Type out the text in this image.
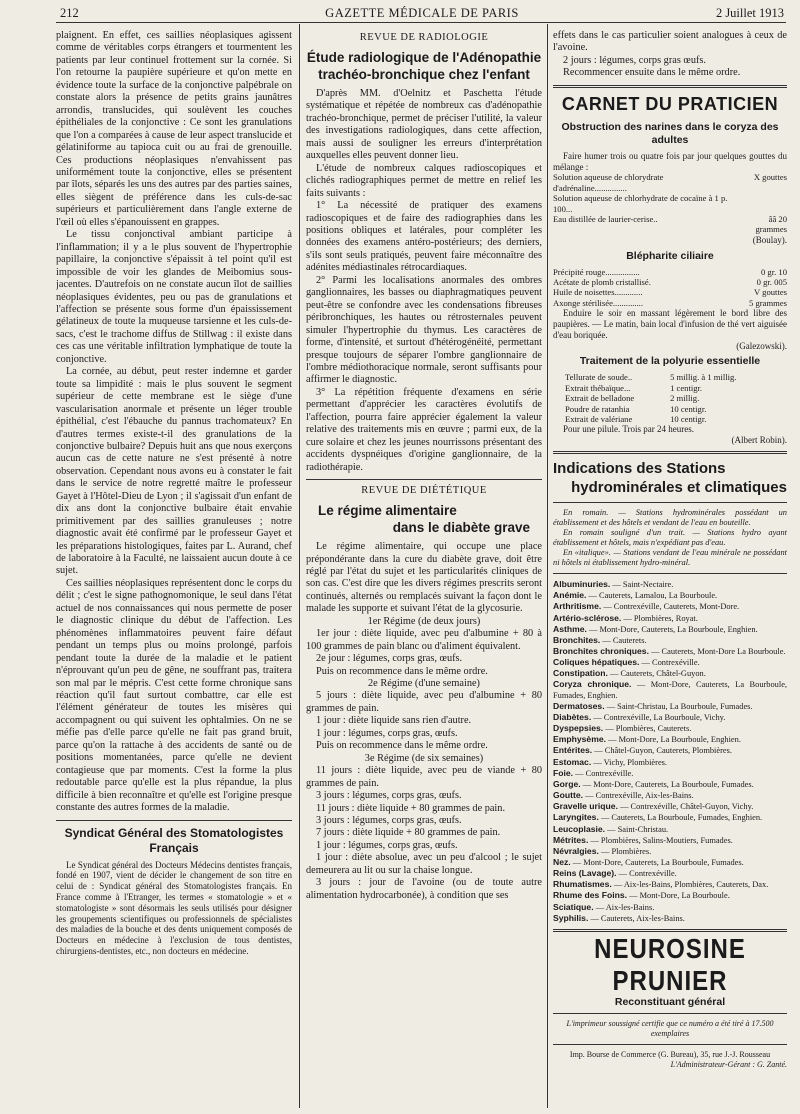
212	GAZETTE MÉDICALE DE PARIS	2 Juillet 1913

plaignent. En effet, ces saillies néoplasiques agissent comme de véritables corps étrangers et tourmentent les patients par leur continuel frottement sur la cornée. Si l'on retourne la paupière supérieure et qu'on mette en évidence toute la surface de la conjonctive palpébrale on constate alors la présence de petits grains jaunâtres arrondis, translucides, qui soulèvent les couches épithéliales de la conjonctive : Ce sont les granulations que l'on a comparées à cause de leur aspect translucide et gélatiniforme au tapioca cuit ou au frai de grenouille. Ces productions néoplasiques n'envahissent pas uniformément toute la conjonctive, elles se présentent par îlots, séparés les uns des autres par des parties saines, elles siègent de préférence dans les culs-de-sac supérieurs et particulièrement dans l'angle externe de l'œil où elles s'épanouissent en grappes.

Le tissu conjonctival ambiant participe à l'inflammation; il y a le plus souvent de l'hypertrophie papillaire, la conjonctive s'épaissit à tel point qu'il est impossible de voir les glandes de Meibomius sous-jacentes. D'autrefois on ne constate aucun îlot de saillies néoplasiques évidentes, peu ou pas de granulations et l'affection se présente sous forme d'un épaississement gélatineux de toute la muqueuse tarsienne et les culs-de-sacs, c'est le trachome diffus de Stillwag : il existe dans ces cas une véritable infiltration lymphatique de toute la conjonctive.

La cornée, au début, peut rester indemne et garder toute sa limpidité : mais le plus souvent le segment supérieur de cette membrane est le siège d'une vascularisation anormale et présente un léger trouble épithélial, c'est l'ébauche du pannus trachomateux? En d'autres termes existe-t-il des granulations de la conjonctive bulbaire? Depuis huit ans que nous exerçons aucun cas de cette nature ne s'est présenté à notre observation. Cependant nous avons eu à constater le fait dans le service de notre regretté maître le professeur Gayet à l'Hôtel-Dieu de Lyon ; il s'agissait d'un enfant de dix ans dont la conjonctive bulbaire était envahie primitivement par des saillies granuleuses ; notre diagnostic avait été confirmé par le professeur Gayet et les préparations histologiques, faites par L. Aurand, chef de laboratoire à la Faculté, ne laissaient aucun doute à ce sujet.

Ces saillies néoplasiques représentent donc le corps du délit ; c'est le signe pathognomonique, le seul dans l'état actuel de nos connaissances qui nous permette de poser le diagnostic clinique du début de l'affection. Les phénomènes inflammatoires peuvent faire défaut pendant un temps plus ou moins prolongé, parfois pendant toute la durée de la maladie et le patient n'éprouvant qu'un peu de gêne, ne souffrant pas, traitera son mal par le mépris. C'est cette forme chronique sans réaction qu'il faut surtout combattre, car elle est l'élément générateur de toutes les misères qui accompagnent ou qui suivent les ophtalmies. On ne se méfie pas d'elle parce qu'elle ne fait pas grand bruit, parce qu'on la rattache à des accidents de santé ou de positions momentanées, parce qu'elle ne devient contagieuse que par moments. C'est la forme la plus redoutable parce qu'elle est la plus répandue, la plus difficile à bien reconnaître et qu'elle est l'origine presque constante des autres formes de la maladie.

Syndicat Général des Stomatologistes Français

Le Syndicat général des Docteurs Médecins dentistes français, fondé en 1907, vient de décider le changement de son titre en celui de : Syndicat général des Stomatologistes français. En France comme à l'Etranger, les termes « stomatologie » et « stomatologiste » sont désormais les seuls utilisés pour désigner les groupements scientifiques ou professionnels de spécialistes des maladies de la bouche et des dents uniquement composés de Docteurs en médecine à l'exclusion de tous dentistes, chirurgiens-dentistes, etc., non docteurs en médecine.

REVUE DE RADIOLOGIE
Étude radiologique de l'Adénopathie trachéo-bronchique chez l'enfant

D'après MM. d'Oelnitz et Paschetta l'étude systématique et répétée de nombreux cas d'adénopathie trachéo-bronchique, permet de préciser l'utilité, la valeur des investigations radiologiques, dans cette affection, mais aussi de souligner les erreurs d'interprétation auxquelles elles peuvent donner lieu.

L'étude de nombreux calques radioscopiques et clichés radiographiques permet de mettre en relief les faits suivants :

1° La nécessité de pratiquer des examens radioscopiques et de faire des radiographies dans les positions obliques et latérales, pour compléter les données des examens antéro-postérieurs; des derniers, s'ils sont seuls pratiqués, peuvent faire méconnaître des adénites médiastinales rétrocardiaques.

2° Parmi les localisations anormales des ombres ganglionnaires, les basses ou diaphragmatiques peuvent peut-être se confondre avec les condensations fibreuses péribronchiques, les hautes ou rétrosternales peuvent simuler l'hypertrophie du thymus. Les caractères de forme, d'intensité, et surtout d'hétérogénéité, permettant presque toujours de séparer l'ombre ganglionnaire de l'ombre médiothoracique normale, seront suffisants pour affirmer le diagnostic.

3° La répétition fréquente d'examens en série permettant d'apprécier les caractères évolutifs de l'affection, pourra faire apprécier également la valeur relative des traitements mis en œuvre ; parmi eux, de la cure solaire et chez les jeunes nourrissons présentant des accidents dyspnéiques d'origine ganglionnaire, de la radiothérapie.

REVUE DE DIÉTÉTIQUE
Le régime alimentaire
dans le diabète grave

Le régime alimentaire, qui occupe une place prépondérante dans la cure du diabète grave, doit être réglé par l'état du sujet et les particularités cliniques de son cas. C'est dire que les divers régimes prescrits seront continués, alternés ou remplacés suivant la façon dont le malade les supporte et suivant l'état de la glycosurie.

1er Régime (de deux jours)

1er jour : diète liquide, avec peu d'albumine + 80 à 100 grammes de pain blanc ou d'aliment équivalent.

2e jour : légumes, corps gras, œufs.

Puis on recommence dans le même ordre.

2e Régime (d'une semaine)

5 jours : diète liquide, avec peu d'albumine + 80 grammes de pain.

1 jour : diète liquide sans rien d'autre.

1 jour : légumes, corps gras, œufs.

Puis on recommence dans le même ordre.

3e Régime (de six semaines)

11 jours : diète liquide, avec peu de viande + 80 grammes de pain.

3 jours : légumes, corps gras, œufs.

11 jours : diète liquide + 80 grammes de pain.

3 jours : légumes, corps gras, œufs.

7 jours : diète liquide + 80 grammes de pain.

1 jour : légumes, corps gras, œufs.

1 jour : diète absolue, avec un peu d'alcool ; le sujet demeurera au lit ou sur la chaise longue.

3 jours : jour de l'avoine (ou de toute autre alimentation hydrocarbonée), à condition que ses

effets dans le cas particulier soient analogues à ceux de l'avoine.

2 jours : légumes, corps gras œufs.

Recommencer ensuite dans le même ordre.

CARNET DU PRATICIEN
Obstruction des narines dans le coryza des adultes

Faire humer trois ou quatre fois par jour quelques gouttes du mélange :

Solution aqueuse de chlorydrate d'adrénaline...............	X gouttes
Solution aqueuse de chlorhydrate de cocaïne à 1 p. 100...	
Eau distillée de laurier-cerise..	ââ 20 grammes

(Boulay).

Blépharite ciliaire
Précipité rouge................	0 gr. 10
Acétate de plomb cristallisé.	0 gr. 005
Huile de noisettes.............	V gouttes
Axonge stérilisée..............	5 grammes

Enduire le soir en massant légèrement le bord libre des paupières. — Le matin, bain local d'infusion de thé vert aiguisée d'eau boriquée.

(Galezowski).

Traitement de la polyurie essentielle
Tellurate de soude..	5 millig. à 1 millig.
Extrait thébaïque...	1 centigr.
Extrait de belladone	2 millig.
Poudre de ratanhia	10 centigr.
Extrait de valériane	10 centigr.

Pour une pilule. Trois par 24 heures.

(Albert Robin).

Indications des Stations
hydrominérales et climatiques

En romain. — Stations hydrominérales possédant un établissement et des hôtels et vendant de l'eau en bouteille.

En romain souligné d'un trait. — Stations hydro ayant établissement et hôtels, mais n'expédiant pas d'eau.

En «italique». — Stations vendant de l'eau minérale ne possédant ni hôtels ni établissement hydro-minéral.

Albuminuries. — Saint-Nectaire.

Anémie. — Cauterets, Lamalou, La Bourboule.

Arthritisme. — Contrexéville, Cauterets, Mont-Dore.

Artério-sclérose. — Plombières, Royat.

Asthme. — Mont-Dore, Cauterets, La Bourboule, Enghien.

Bronchites. — Cauterets.

Bronchites chroniques. — Cauterets, Mont-Dore La Bourboule.

Coliques hépatiques. — Contrexéville.

Constipation. — Cauterets, Châtel-Guyon.

Coryza chronique. — Mont-Dore, Cauterets, La Bourboule, Fumades, Enghien.

Dermatoses. — Saint-Christau, La Bourboule, Fumades.

Diabètes. — Contrexéville, La Bourboule, Vichy.

Dyspepsies. — Plombières, Cauterets.

Emphysème. — Mont-Dore, La Bourboule, Enghien.

Entérites. — Châtel-Guyon, Cauterets, Plombières.

Estomac. — Vichy, Plombières.

Foie. — Contrexéville.

Gorge. — Mont-Dore, Cauterets, La Bourboule, Fumades.

Goutte. — Contrexéville, Aix-les-Bains.

Gravelle urique. — Contrexéville, Châtel-Guyon, Vichy.

Laryngites. — Cauterets, La Bourboule, Fumades, Enghien.

Leucoplasie. — Saint-Christau.

Métrites. — Plombières, Salins-Moutiers, Fumades.

Névralgies. — Plombières.

Nez. — Mont-Dore, Cauterets, La Bourboule, Fumades.

Reins (Lavage). — Contrexéville.

Rhumatismes. — Aix-les-Bains, Plombières, Cauterets, Dax.

Rhume des Foins. — Mont-Dore, La Bourboule.

Sciatique. — Aix-les-Bains.

Syphilis. — Cauterets, Aix-les-Bains.

NEUROSINE PRUNIER
Reconstituant général

L'imprimeur soussigné certifie que ce numéro a été tiré à 17.500 exemplaires

Imp. Bourse de Commerce (G. Bureau), 35, rue J.-J. Rousseau

L'Administrateur-Gérant : G. Zanté.
